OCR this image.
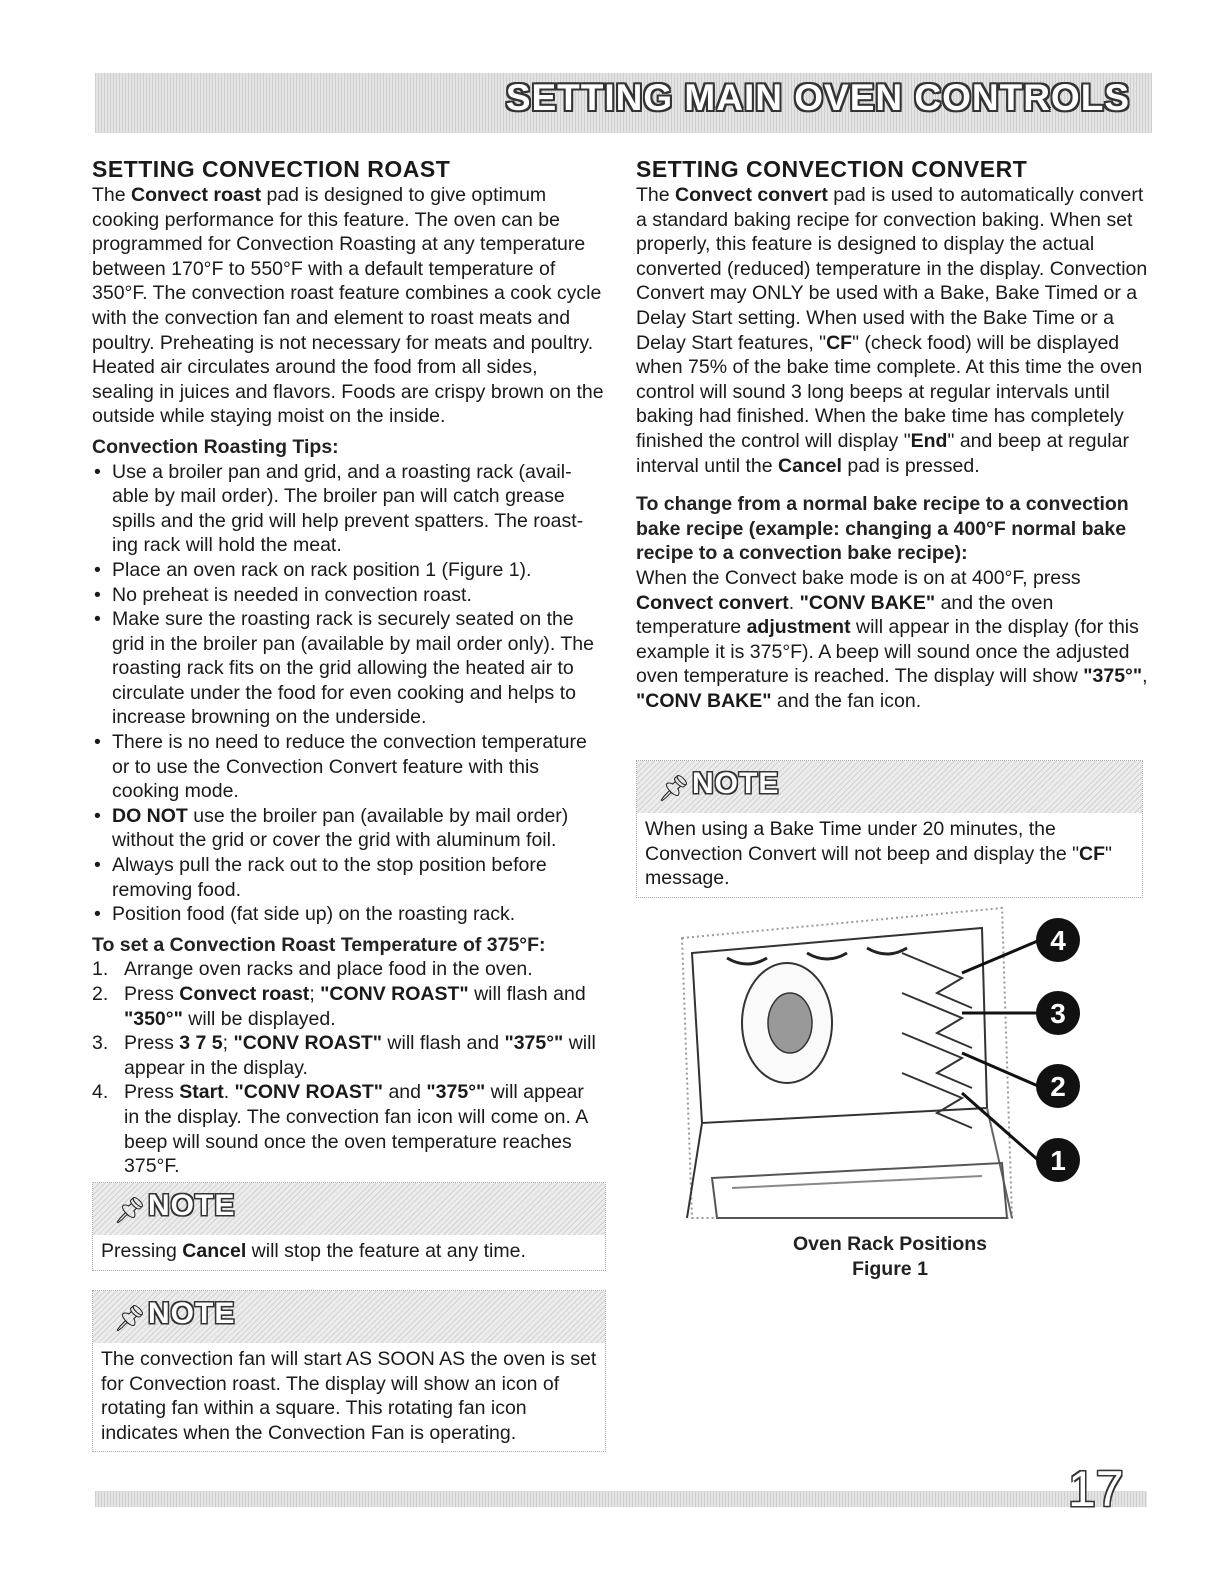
SETTING MAIN OVEN CONTROLS
SETTING CONVECTION ROAST

The Convect roast pad is designed to give optimum cooking performance for this feature. The oven can be programmed for Convection Roasting at any temperature between 170°F to 550°F with a default temperature of 350°F. The convection roast feature combines a cook cycle with the convection fan and element to roast meats and poultry. Preheating is not necessary for meats and poultry. Heated air circulates around the food from all sides, sealing in juices and flavors. Foods are crispy brown on the outside while staying moist on the inside.

Convection Roasting Tips:

• Use a broiler pan and grid, and a roasting rack (avail-able by mail order). The broiler pan will catch grease spills and the grid will help prevent spatters. The roast-ing rack will hold the meat.
• Place an oven rack on rack position 1 (Figure 1).
• No preheat is needed in convection roast.
• Make sure the roasting rack is securely seated on the grid in the broiler pan (available by mail order only). The roasting rack fits on the grid allowing the heated air to circulate under the food for even cooking and helps to increase browning on the underside.
• There is no need to reduce the convection temperature or to use the Convection Convert feature with this cooking mode.
• DO NOT use the broiler pan (available by mail order) without the grid or cover the grid with aluminum foil.
• Always pull the rack out to the stop position before removing food.
• Position food (fat side up) on the roasting rack.

To set a Convection Roast Temperature of 375°F:

1. Arrange oven racks and place food in the oven.
2. Press Convect roast; "CONV ROAST" will flash and "350°" will be displayed.
3. Press 3 7 5; "CONV ROAST" will flash and "375°" will appear in the display.
4. Press Start. "CONV ROAST" and "375°" will appear in the display. The convection fan icon will come on. A beep will sound once the oven temperature reaches 375°F.
📌︎ NOTE
Pressing Cancel will stop the feature at any time.
📌︎ NOTE
The convection fan will start AS SOON AS the oven is set for Convection roast. The display will show an icon of rotating fan within a square. This rotating fan icon indicates when the Convection Fan is operating.
SETTING CONVECTION CONVERT

The Convect convert pad is used to automatically convert a standard baking recipe for convection baking. When set properly, this feature is designed to display the actual converted (reduced) temperature in the display. Convection Convert may ONLY be used with a Bake, Bake Timed or a Delay Start setting. When used with the Bake Time or a Delay Start features, "CF" (check food) will be displayed when 75% of the bake time complete. At this time the oven control will sound 3 long beeps at regular intervals until baking had finished. When the bake time has completely finished the control will display "End" and beep at regular interval until the Cancel pad is pressed.

To change from a normal bake recipe to a convection bake recipe (example: changing a 400°F normal bake recipe to a convection bake recipe):

When the Convect bake mode is on at 400°F, press Convect convert. "CONV BAKE" and the oven temperature adjustment will appear in the display (for this example it is 375°F). A beep will sound once the adjusted oven temperature is reached. The display will show "375°", "CONV BAKE" and the fan icon.

📌︎ NOTE
When using a Bake Time under 20 minutes, the Convection Convert will not beep and display the "CF" message.
4
3
2
1
Oven Rack Positions
Figure 1
17
